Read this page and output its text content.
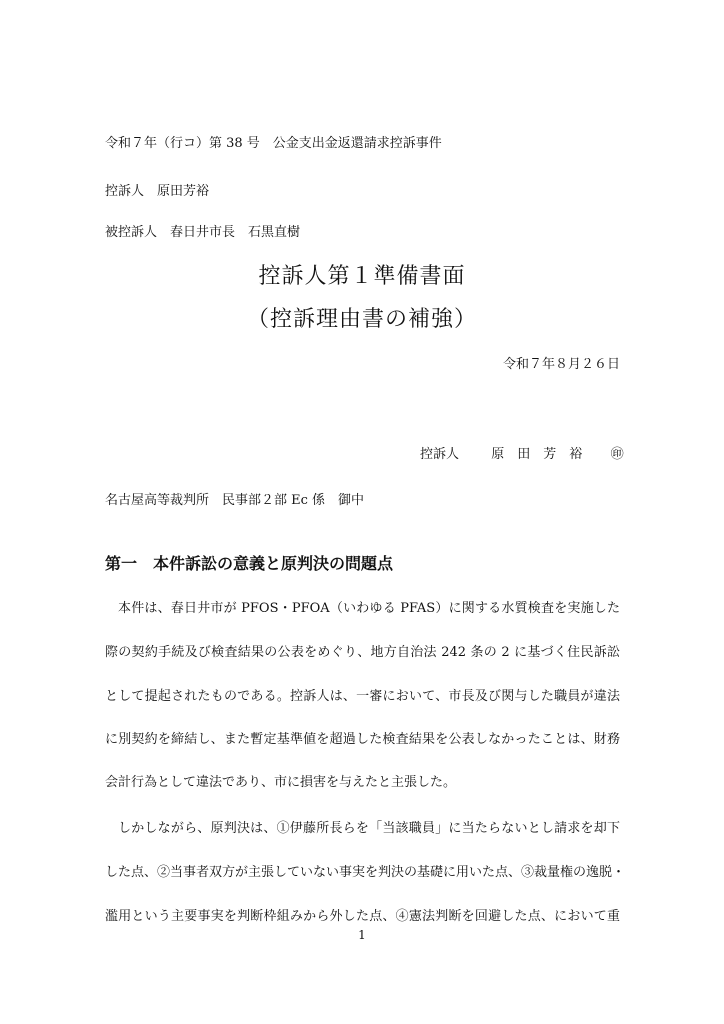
令和７年（行コ）第 38 号　公金支出金返還請求控訴事件
控訴人　原田芳裕
被控訴人　春日井市長　石黒直樹
控訴人第１準備書面
（控訴理由書の補強）
令和７年８月２６日
控訴人 原　田　芳　裕 ㊞
名古屋高等裁判所　民事部２部 Ec 係　御中
第一　本件訴訟の意義と原判決の問題点
本件は、春日井市が PFOS・PFOA（いわゆる PFAS）に関する水質検査を実施した
際の契約手続及び検査結果の公表をめぐり、地方自治法 242 条の 2 に基づく住民訴訟
として提起されたものである。控訴人は、一審において、市長及び関与した職員が違法
に別契約を締結し、また暫定基準値を超過した検査結果を公表しなかったことは、財務
会計行為として違法であり、市に損害を与えたと主張した。
しかしながら、原判決は、①伊藤所長らを「当該職員」に当たらないとし請求を却下
した点、②当事者双方が主張していない事実を判決の基礎に用いた点、③裁量権の逸脱・
濫用という主要事実を判断枠組みから外した点、④憲法判断を回避した点、において重
1
